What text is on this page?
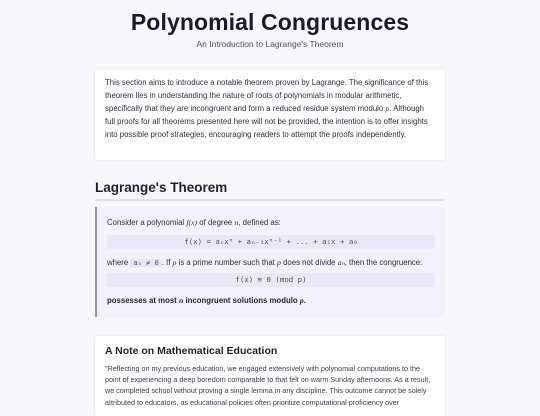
Polynomial Congruences
An Introduction to Lagrange's Theorem

This section aims to introduce a notable theorem proven by Lagrange. The significance of this theorem lies in understanding the nature of roots of polynomials in modular arithmetic, specifically that they are incongruent and form a reduced residue system modulo p. Although full proofs for all theorems presented here will not be provided, the intention is to offer insights into possible proof strategies, encouraging readers to attempt the proofs independently.

Lagrange's Theorem
Consider a polynomial f(x) of degree n, defined as:
f(x) = aₙxⁿ + aₙ₋₁xⁿ⁻¹ + ... + a₁x + a₀
where aₙ ≠ 0 . If p is a prime number such that p does not divide aₙ, then the congruence:
f(x) ≡ 0 (mod p)
possesses at most n incongruent solutions modulo p.
A Note on Mathematical Education

"Reflecting on my previous education, we engaged extensively with polynomial computations to the point of experiencing a deep boredom comparable to that felt on warm Sunday afternoons. As a result, we completed school without proving a single lemma in any discipline. This outcome cannot be solely attributed to educators, as educational policies often prioritize computational proficiency over
